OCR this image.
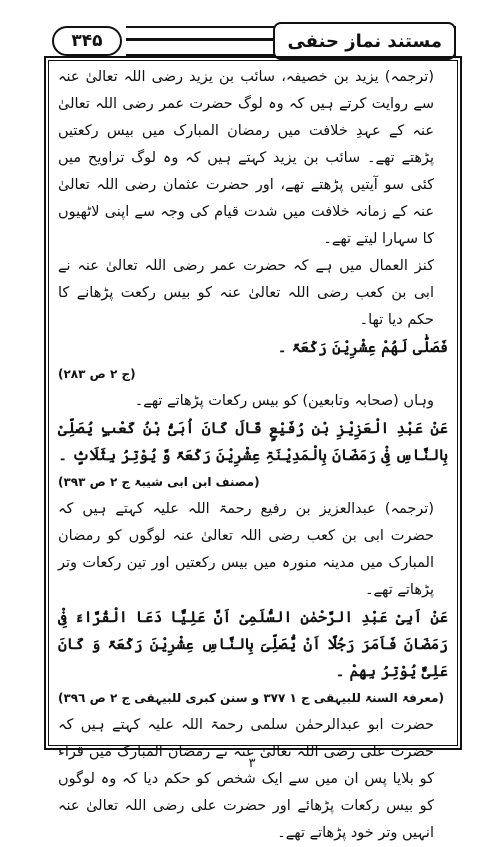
۳۴۵	مستند نماز حنفی

(ترجمہ) یزید بن خصیفہ، سائب بن یزید رضی اللہ تعالیٰ عنہ سے روایت کرتے ہیں کہ وہ لوگ حضرت عمر رضی اللہ تعالیٰ عنہ کے عہدِ خلافت میں رمضان المبارک میں بیس رکعتیں پڑھتے تھے۔ سائب بن یزید کہتے ہیں کہ وہ لوگ تراویح میں کئی سو آیتیں پڑھتے تھے، اور حضرت عثمان رضی اللہ تعالیٰ عنہ کے زمانہ خلافت میں شدت قیام کی وجہ سے اپنی لاٹھیوں کا سہارا لیتے تھے۔

کنز العمال میں ہے کہ حضرت عمر رضی اللہ تعالیٰ عنہ نے ابی بن کعب رضی اللہ تعالیٰ عنہ کو بیس رکعت پڑھانے کا حکم دیا تھا۔

فَصَلّٰی لَھُمْ عِشْرِیْنَ رَکْعَۃً ۔

(ج ٢ ص ٢٨٣)

وہاں (صحابہ وتابعین) کو بیس رکعات پڑھاتے تھے۔

عَنْ عَبْدِ الْعَزِیْزِ بْنِ رُفَیْعٍ قَالَ کَانَ اُبَیُّ بْنُ کَعْبٍ یُصَلِّیْ بِالنَّاسِ فِیْ رَمَضَانَ بِالْمَدِیْنَۃِ عِشْرِیْنَ رَکْعَۃً وَّ یُوْتِرُ بِثَلَاثٍ ۔

(مصنف ابن ابی شیبۃ ج ٢ ص ٣٩٣)

(ترجمہ) عبدالعزیز بن رفیع رحمۃ اللہ علیہ کہتے ہیں کہ حضرت ابی بن کعب رضی اللہ تعالیٰ عنہ لوگوں کو رمضان المبارک میں مدینہ منورہ میں بیس رکعتیں اور تین رکعات وتر پڑھاتے تھے۔

عَنْ اَبِیْ عَبْدِ الرَّحْمٰنِ السُّلَمِیْ اَنَّ عَلِیًّا دَعَا الْقُرَّاءَ فِیْ رَمَضَانَ فَاَمَرَ رَجُلًا اَنْ یُّصَلِّیَ بِالنَّاسِ عِشْرِیْنَ رَکْعَۃً وَ کَانَ عَلِیٌّ یُوْتِرُ بِھِمْ ۔

(معرفۃ السنۃ للبیہقی ج ١ ٣٧٧ و سنن کبری للبیہقی ج ٢ ص ٣٩٦)

حضرت ابو عبدالرحمٰن سلمی رحمۃ اللہ علیہ کہتے ہیں کہ حضرت علی رضی اللہ تعالیٰ عنہ نے رمضان المبارک میں قراء کو بلایا پس ان میں سے ایک شخص کو حکم دیا کہ وہ لوگوں کو بیس رکعات پڑھائے اور حضرت علی رضی اللہ تعالیٰ عنہ انہیں وتر خود پڑھاتے تھے۔

۳
